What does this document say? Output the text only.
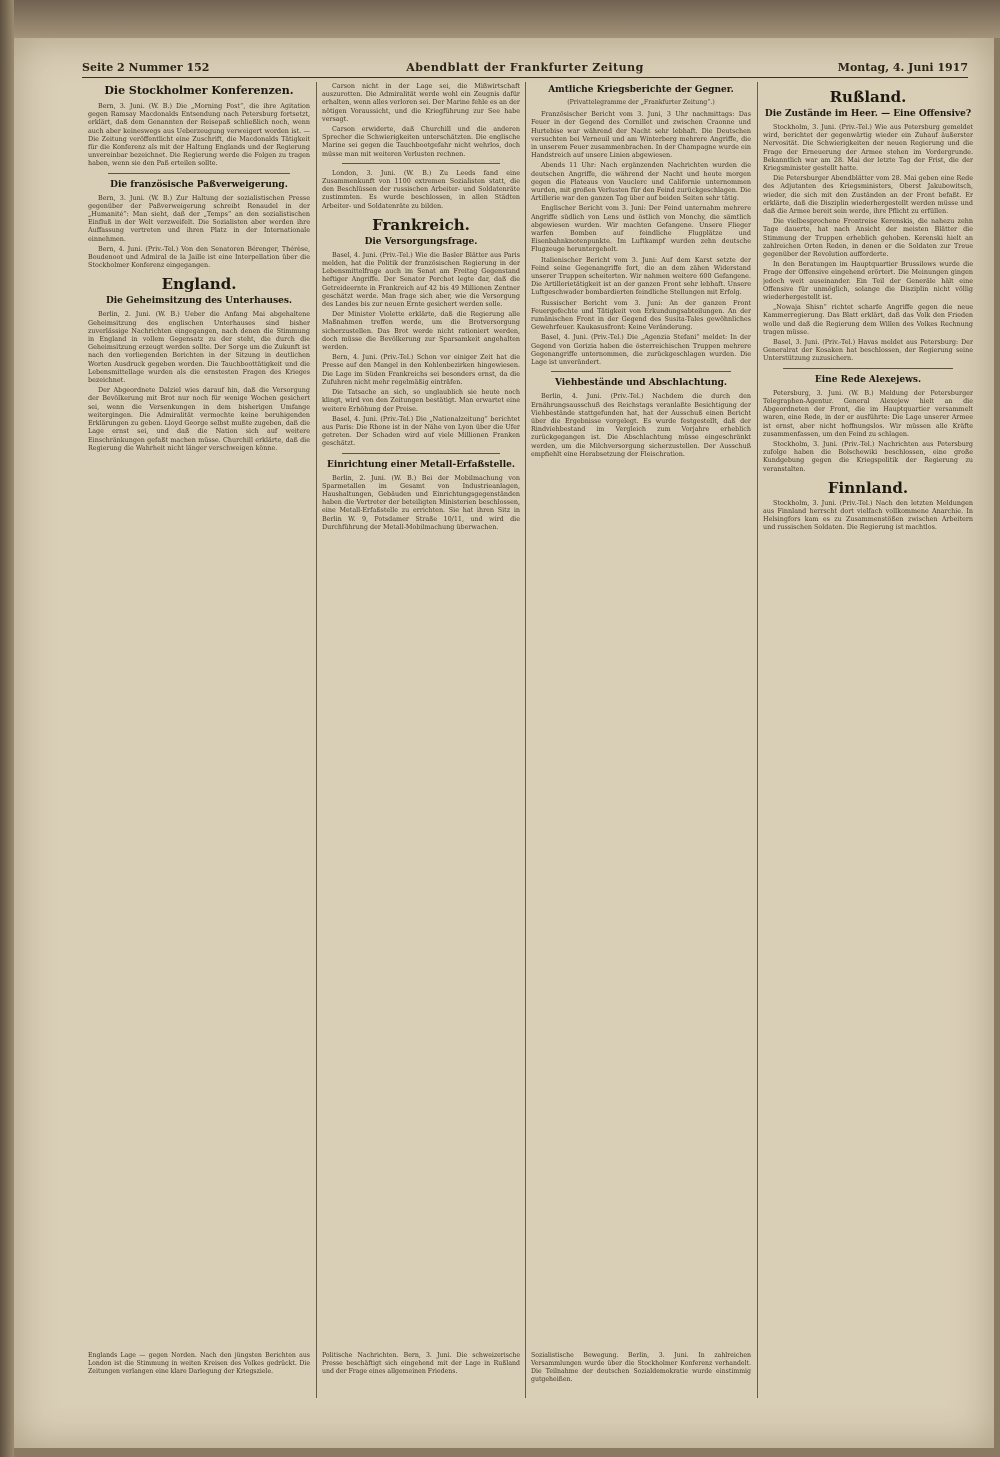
Seite 2 Nummer 152	Abendblatt der Frankfurter Zeitung	Montag, 4. Juni 1917
Die Stockholmer Konferenzen.

Bern, 3. Juni. (W. B.) Die „Morning Post“, die ihre Agitation gegen Ramsay Macdonalds Entsendung nach Petersburg fortsetzt, erklärt, daß dem Genannten der Reisepaß schließlich noch, wenn auch aber keineswegs aus Ueberzeugung verweigert worden ist. — Die Zeitung veröffentlicht eine Zuschrift, die Macdonalds Tätigkeit für die Konferenz als mit der Haltung Englands und der Regierung unvereinbar bezeichnet. Die Regierung werde die Folgen zu tragen haben, wenn sie den Paß erteilen sollte.

Die französische Paßverweigerung.

Bern, 3. Juni. (W. B.) Zur Haltung der sozialistischen Presse gegenüber der Paßverweigerung schreibt Renaudel in der „Humanité“: Man sieht, daß der „Temps“ an den sozialistischen Einfluß in der Welt verzweifelt. Die Sozialisten aber werden ihre Auffassung vertreten und ihren Platz in der Internationale einnehmen.

Bern, 4. Juni. (Priv.-Tel.) Von den Senatoren Bérenger, Thérèse, Boudenoot und Admiral de la Jaille ist eine Interpellation über die Stockholmer Konferenz eingegangen.

England.
Die Geheimsitzung des Unterhauses.

Berlin, 2. Juni. (W. B.) Ueber die Anfang Mai abgehaltene Geheimsitzung des englischen Unterhauses sind bisher zuverlässige Nachrichten eingegangen, nach denen die Stimmung in England in vollem Gegensatz zu der steht, die durch die Geheimsitzung erzeugt werden sollte. Der Sorge um die Zukunft ist nach den vorliegenden Berichten in der Sitzung in deutlichen Worten Ausdruck gegeben worden. Die Tauchboottätigkeit und die Lebensmittellage wurden als die ernstesten Fragen des Krieges bezeichnet.

Der Abgeordnete Dalziel wies darauf hin, daß die Versorgung der Bevölkerung mit Brot nur noch für wenige Wochen gesichert sei, wenn die Versenkungen in dem bisherigen Umfange weitergingen. Die Admiralität vermochte keine beruhigenden Erklärungen zu geben. Lloyd George selbst mußte zugeben, daß die Lage ernst sei, und daß die Nation sich auf weitere Einschränkungen gefaßt machen müsse. Churchill erklärte, daß die Regierung die Wahrheit nicht länger verschweigen könne.

Carson nicht in der Lage sei, die Mißwirtschaft auszurotten. Die Admiralität werde wohl ein Zeugnis dafür erhalten, wenn alles verloren sei. Der Marine fehle es an der nötigen Voraussicht, und die Kriegführung zur See habe versagt.

Carson erwiderte, daß Churchill und die anderen Sprecher die Schwierigkeiten unterschätzten. Die englische Marine sei gegen die Tauchbootgefahr nicht wehrlos, doch müsse man mit weiteren Verlusten rechnen.

London, 3. Juni. (W. B.) Zu Leeds fand eine Zusammenkunft von 1100 extremen Sozialisten statt, die den Beschlüssen der russischen Arbeiter- und Soldatenräte zustimmten. Es wurde beschlossen, in allen Städten Arbeiter- und Soldatenräte zu bilden.

Frankreich.
Die Versorgungsfrage.

Basel, 4. Juni. (Priv.-Tel.) Wie die Basler Blätter aus Paris melden, hat die Politik der französischen Regierung in der Lebensmittelfrage auch im Senat am Freitag Gegenstand heftiger Angriffe. Der Senator Perchot legte dar, daß die Getreideernte in Frankreich auf 42 bis 49 Millionen Zentner geschätzt werde. Man frage sich aber, wie die Versorgung des Landes bis zur neuen Ernte gesichert werden solle.

Der Minister Violette erklärte, daß die Regierung alle Maßnahmen treffen werde, um die Brotversorgung sicherzustellen. Das Brot werde nicht rationiert werden, doch müsse die Bevölkerung zur Sparsamkeit angehalten werden.

Bern, 4. Juni. (Priv.-Tel.) Schon vor einiger Zeit hat die Presse auf den Mangel in den Kohlenbezirken hingewiesen. Die Lage im Süden Frankreichs sei besonders ernst, da die Zufuhren nicht mehr regelmäßig einträfen.

Die Tatsache an sich, so unglaublich sie heute noch klingt, wird von den Zeitungen bestätigt. Man erwartet eine weitere Erhöhung der Preise.

Basel, 4. Juni. (Priv.-Tel.) Die „Nationalzeitung“ berichtet aus Paris: Die Rhone ist in der Nähe von Lyon über die Ufer getreten. Der Schaden wird auf viele Millionen Franken geschätzt.

Einrichtung einer Metall-Erfaßstelle.

Berlin, 2. Juni. (W. B.) Bei der Mobilmachung von Sparmetallen im Gesamt von Industrieanlagen, Haushaltungen, Gebäuden und Einrichtungsgegenständen haben die Vertreter der beteiligten Ministerien beschlossen, eine Metall-Erfaßstelle zu errichten. Sie hat ihren Sitz in Berlin W. 9, Potsdamer Straße 10/11, und wird die Durchführung der Metall-Mobilmachung überwachen.

Amtliche Kriegsberichte der Gegner.
(Privattelegramme der „Frankfurter Zeitung“.)

Französischer Bericht vom 3. Juni, 3 Uhr nachmittags: Das Feuer in der Gegend des Cornillet und zwischen Craonne und Hurtebise war während der Nacht sehr lebhaft. Die Deutschen versuchten bei Verneuil und am Winterberg mehrere Angriffe, die in unserem Feuer zusammenbrachen. In der Champagne wurde ein Handstreich auf unsere Linien abgewiesen.

Abends 11 Uhr: Nach ergänzenden Nachrichten wurden die deutschen Angriffe, die während der Nacht und heute morgen gegen die Plateaus von Vauclerc und Californie unternommen wurden, mit großen Verlusten für den Feind zurückgeschlagen. Die Artillerie war den ganzen Tag über auf beiden Seiten sehr tätig.

Englischer Bericht vom 3. Juni: Der Feind unternahm mehrere Angriffe südlich von Lens und östlich von Monchy, die sämtlich abgewiesen wurden. Wir machten Gefangene. Unsere Flieger warfen Bomben auf feindliche Flugplätze und Eisenbahnknotenpunkte. Im Luftkampf wurden zehn deutsche Flugzeuge heruntergeholt.

Italienischer Bericht vom 3. Juni: Auf dem Karst setzte der Feind seine Gegenangriffe fort, die an dem zähen Widerstand unserer Truppen scheiterten. Wir nahmen weitere 600 Gefangene. Die Artillerietätigkeit ist an der ganzen Front sehr lebhaft. Unsere Luftgeschwader bombardierten feindliche Stellungen mit Erfolg.

Russischer Bericht vom 3. Juni: An der ganzen Front Feuergefechte und Tätigkeit von Erkundungsabteilungen. An der rumänischen Front in der Gegend des Susita-Tales gewöhnliches Gewehrfeuer. Kaukasusfront: Keine Veränderung.

Basel, 4. Juni. (Priv.-Tel.) Die „Agenzia Stefani“ meldet: In der Gegend von Gorizia haben die österreichischen Truppen mehrere Gegenangriffe unternommen, die zurückgeschlagen wurden. Die Lage ist unverändert.

Viehbestände und Abschlachtung.

Berlin, 4. Juni. (Priv.-Tel.) Nachdem die durch den Ernährungsausschuß des Reichstags veranlaßte Besichtigung der Viehbestände stattgefunden hat, hat der Ausschuß einen Bericht über die Ergebnisse vorgelegt. Es wurde festgestellt, daß der Rindviehbestand im Vergleich zum Vorjahre erheblich zurückgegangen ist. Die Abschlachtung müsse eingeschränkt werden, um die Milchversorgung sicherzustellen. Der Ausschuß empfiehlt eine Herabsetzung der Fleischration.

Rußland.
Die Zustände im Heer. — Eine Offensive?

Stockholm, 3. Juni. (Priv.-Tel.) Wie aus Petersburg gemeldet wird, berichtet der gegenwärtig wieder ein Zuhauf äußerster Nervosität. Die Schwierigkeiten der neuen Regierung und die Frage der Erneuerung der Armee stehen im Vordergrunde. Bekanntlich war am 28. Mai der letzte Tag der Frist, die der Kriegsminister gestellt hatte.

Die Petersburger Abendblätter vom 28. Mai geben eine Rede des Adjutanten des Kriegsministers, Oberst Jakubowitsch, wieder, die sich mit den Zuständen an der Front befaßt. Er erklärte, daß die Disziplin wiederhergestellt werden müsse und daß die Armee bereit sein werde, ihre Pflicht zu erfüllen.

Die vielbesprochene Frontreise Kerenskis, die nahezu zehn Tage dauerte, hat nach Ansicht der meisten Blätter die Stimmung der Truppen erheblich gehoben. Kerenski hielt an zahlreichen Orten Reden, in denen er die Soldaten zur Treue gegenüber der Revolution aufforderte.

In den Beratungen im Hauptquartier Brussilows wurde die Frage der Offensive eingehend erörtert. Die Meinungen gingen jedoch weit auseinander. Ein Teil der Generäle hält eine Offensive für unmöglich, solange die Disziplin nicht völlig wiederhergestellt ist.

„Nowaja Shisn“ richtet scharfe Angriffe gegen die neue Kammerregierung. Das Blatt erklärt, daß das Volk den Frieden wolle und daß die Regierung dem Willen des Volkes Rechnung tragen müsse.

Basel, 3. Juni. (Priv.-Tel.) Havas meldet aus Petersburg: Der Generalrat der Kosaken hat beschlossen, der Regierung seine Unterstützung zuzusichern.

Eine Rede Alexejews.

Petersburg, 3. Juni. (W. B.) Meldung der Petersburger Telegraphen-Agentur. General Alexejew hielt an die Abgeordneten der Front, die im Hauptquartier versammelt waren, eine Rede, in der er ausführte: Die Lage unserer Armee ist ernst, aber nicht hoffnungslos. Wir müssen alle Kräfte zusammenfassen, um den Feind zu schlagen.

Stockholm, 3. Juni. (Priv.-Tel.) Nachrichten aus Petersburg zufolge haben die Bolschewiki beschlossen, eine große Kundgebung gegen die Kriegspolitik der Regierung zu veranstalten.

Finnland.

Stockholm, 3. Juni. (Priv.-Tel.) Nach den letzten Meldungen aus Finnland herrscht dort vielfach vollkommene Anarchie. In Helsingfors kam es zu Zusammenstößen zwischen Arbeitern und russischen Soldaten. Die Regierung ist machtlos.

Englands Lage — gegen Norden. Nach den jüngsten Berichten aus London ist die Stimmung in weiten Kreisen des Volkes gedrückt. Die Zeitungen verlangen eine klare Darlegung der Kriegsziele.
Politische Nachrichten. Bern, 3. Juni. Die schweizerische Presse beschäftigt sich eingehend mit der Lage in Rußland und der Frage eines allgemeinen Friedens.
Sozialistische Bewegung. Berlin, 3. Juni. In zahlreichen Versammlungen wurde über die Stockholmer Konferenz verhandelt. Die Teilnahme der deutschen Sozialdemokratie wurde einstimmig gutgeheißen.
